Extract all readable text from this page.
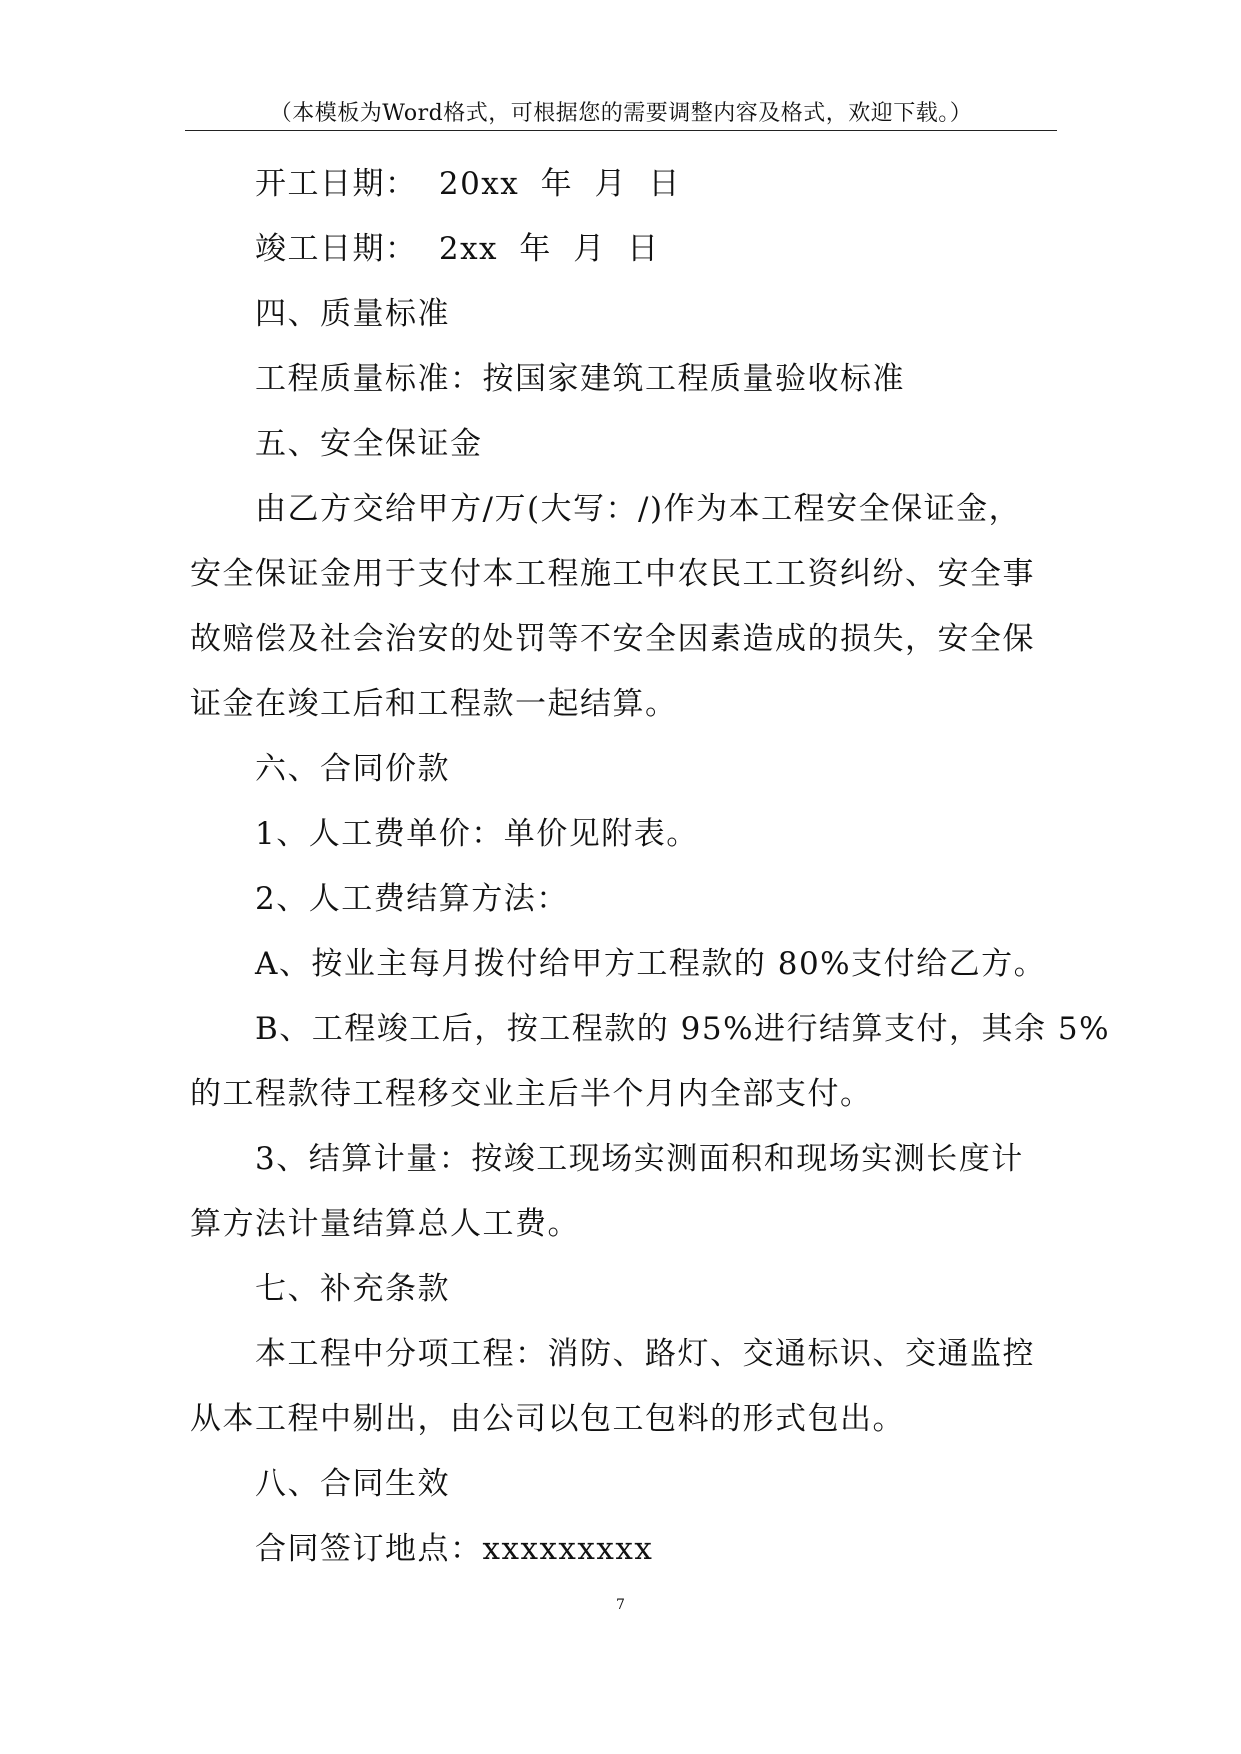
（本模板为Word格式，可根据您的需要调整内容及格式，欢迎下载。）

开工日期： 20xx 年 月 日

竣工日期： 2xx 年 月 日

四、质量标准

工程质量标准：按国家建筑工程质量验收标准

五、安全保证金

由乙方交给甲方/万(大写：/)作为本工程安全保证金，

安全保证金用于支付本工程施工中农民工工资纠纷、安全事

故赔偿及社会治安的处罚等不安全因素造成的损失，安全保

证金在竣工后和工程款一起结算。

六、合同价款

1、人工费单价：单价见附表。

2、人工费结算方法：

A、按业主每月拨付给甲方工程款的 80%支付给乙方。

B、工程竣工后，按工程款的 95%进行结算支付，其余 5%

的工程款待工程移交业主后半个月内全部支付。

3、结算计量：按竣工现场实测面积和现场实测长度计

算方法计量结算总人工费。

七、补充条款

本工程中分项工程：消防、路灯、交通标识、交通监控

从本工程中剔出，由公司以包工包料的形式包出。

八、合同生效

合同签订地点：xxxxxxxxx

7
